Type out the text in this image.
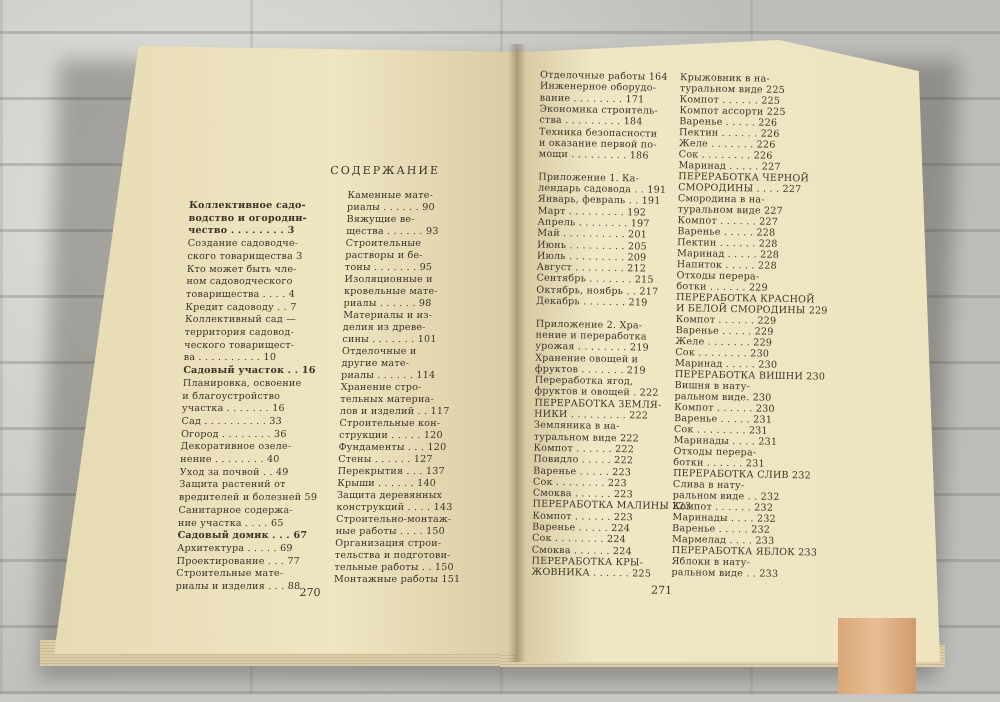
СОДЕРЖАНИЕ
Коллективное садо-
водство и огородни-
чество . . . . . . . . 3
Создание садоводче-
ского товарищества 3
Кто может быть чле-
ном садоводческого
товарищества . . . . 4
Кредит садоводу . . 7
Коллективный сад —
территория садовод-
ческого товарищест-
ва . . . . . . . . . . 10
Садовый участок . . 16
Планировка, освоение
и благоустройство
участка . . . . . . . 16
Сад . . . . . . . . . . 33
Огород . . . . . . . . 36
Декоративное озеле-
нение . . . . . . . . 40
Уход за почвой . . 49
Защита растений от
вредителей и болезней 59
Санитарное содержа-
ние участка . . . . 65
Садовый домик . . . 67
Архитектура . . . . . 69
Проектирование . . . 77
Строительные мате-
риалы и изделия . . . 88
Каменные мате-
риалы . . . . . . 90
Вяжущие ве-
щества . . . . . . 93
Строительные
растворы и бе-
тоны . . . . . . . 95
Изоляционные и
кровельные мате-
риалы . . . . . . 98
Материалы и из-
делия из древе-
сины . . . . . . . 101
Отделочные и
другие мате-
риалы . . . . . . 114
Хранение стро-
тельных материа-
лов и изделий . . 117
Строительные кон-
струкции . . . . . 120
Фундаменты . . . 120
Стены . . . . . . 127
Перекрытия . . . 137
Крыши . . . . . . 140
Защита деревянных
конструкций . . . . 143
Строительно-монтаж-
ные работы . . . . 150
Организация строи-
тельства и подготови-
тельные работы . . 150
Монтажные работы 151
270
Отделочные работы 164
Инженерное оборудо-
вание . . . . . . . . 171
Экономика строитель-
ства . . . . . . . . . 184
Техника безопасности
и оказание первой по-
мощи . . . . . . . . . 186
Приложение 1. Ка-
лендарь садовода . . 191
Январь, февраль . . 191
Март . . . . . . . . . 192
Апрель . . . . . . . . 197
Май . . . . . . . . . . 201
Июнь . . . . . . . . . 205
Июль . . . . . . . . . 209
Август . . . . . . . . 212
Сентябрь . . . . . . . 215
Октябрь, ноябрь . . 217
Декабрь . . . . . . . 219
Приложение 2. Хра-
нение и переработка
урожая . . . . . . . . 219
Хранение овощей и
фруктов . . . . . . . 219
Переработка ягод,
фруктов и овощей . 222
ПЕРЕРАБОТКА ЗЕМЛЯ-
НИКИ . . . . . . . . . 222
Земляника в на-
туральном виде 222
Компот . . . . . . 222
Повидло . . . . . 222
Варенье . . . . . 223
Сок . . . . . . . . 223
Смоква . . . . . . 223
ПЕРЕРАБОТКА МАЛИНЫ 223
Компот . . . . . . 223
Варенье . . . . . 224
Сок . . . . . . . . 224
Смоква . . . . . . 224
ПЕРЕРАБОТКА КРЫ-
ЖОВНИКА . . . . . . 225
Крыжовник в на-
туральном виде 225
Компот . . . . . . 225
Компот ассорти 225
Варенье . . . . . 226
Пектин . . . . . . 226
Желе . . . . . . . 226
Сок . . . . . . . . 226
Маринад . . . . . 227
ПЕРЕРАБОТКА ЧЕРНОЙ
СМОРОДИНЫ . . . . 227
Смородина в на-
туральном виде 227
Компот . . . . . . 227
Варенье . . . . . 228
Пектин . . . . . . 228
Маринад . . . . . 228
Напиток . . . . . 228
Отходы перера-
ботки . . . . . . 229
ПЕРЕРАБОТКА КРАСНОЙ
И БЕЛОЙ СМОРОДИНЫ 229
Компот . . . . . . 229
Варенье . . . . . 229
Желе . . . . . . . 229
Сок . . . . . . . . 230
Маринад . . . . . 230
ПЕРЕРАБОТКА ВИШНИ 230
Вишня в нату-
ральном виде. 230
Компот . . . . . . 230
Варенье . . . . . 231
Сок . . . . . . . . 231
Маринады . . . . 231
Отходы перера-
ботки . . . . . . 231
ПЕРЕРАБОТКА СЛИВ 232
Слива в нату-
ральном виде . . 232
Компот . . . . . . 232
Маринады . . . . 232
Варенье . . . . . 232
Мармелад . . . . 233
ПЕРЕРАБОТКА ЯБЛОК 233
Яблоки в нату-
ральном виде . . 233
271
